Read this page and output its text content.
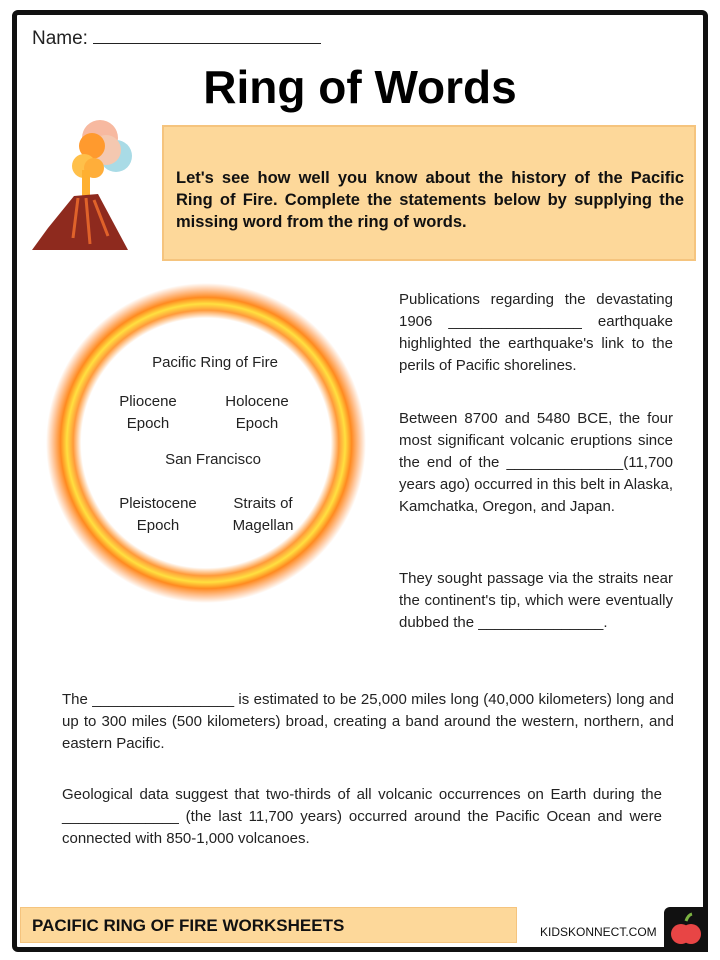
Name:
Ring of Words
Let's see how well you know about the history of the Pacific Ring of Fire. Complete the statements below by supplying the missing word from the ring of words.
Pacific Ring of Fire
Pliocene Epoch
Holocene Epoch
San Francisco
Pleistocene Epoch
Straits of Magellan
Publications regarding the devastating 1906 ________________ earthquake highlighted the earthquake's link to the perils of Pacific shorelines.
Between 8700 and 5480 BCE, the four most significant volcanic eruptions since the end of the ______________(11,700 years ago) occurred in this belt in Alaska, Kamchatka, Oregon, and Japan.
They sought passage via the straits near the continent's tip, which were eventually dubbed the _______________.
The _________________ is estimated to be 25,000 miles long (40,000 kilometers) long and up to 300 miles (500 kilometers) broad, creating a band around the western, northern, and eastern Pacific.
Geological data suggest that two-thirds of all volcanic occurrences on Earth during the ______________ (the last 11,700 years) occurred around the Pacific Ocean and were connected with 850-1,000 volcanoes.
PACIFIC RING OF FIRE WORKSHEETS	KIDSKONNECT.COM
